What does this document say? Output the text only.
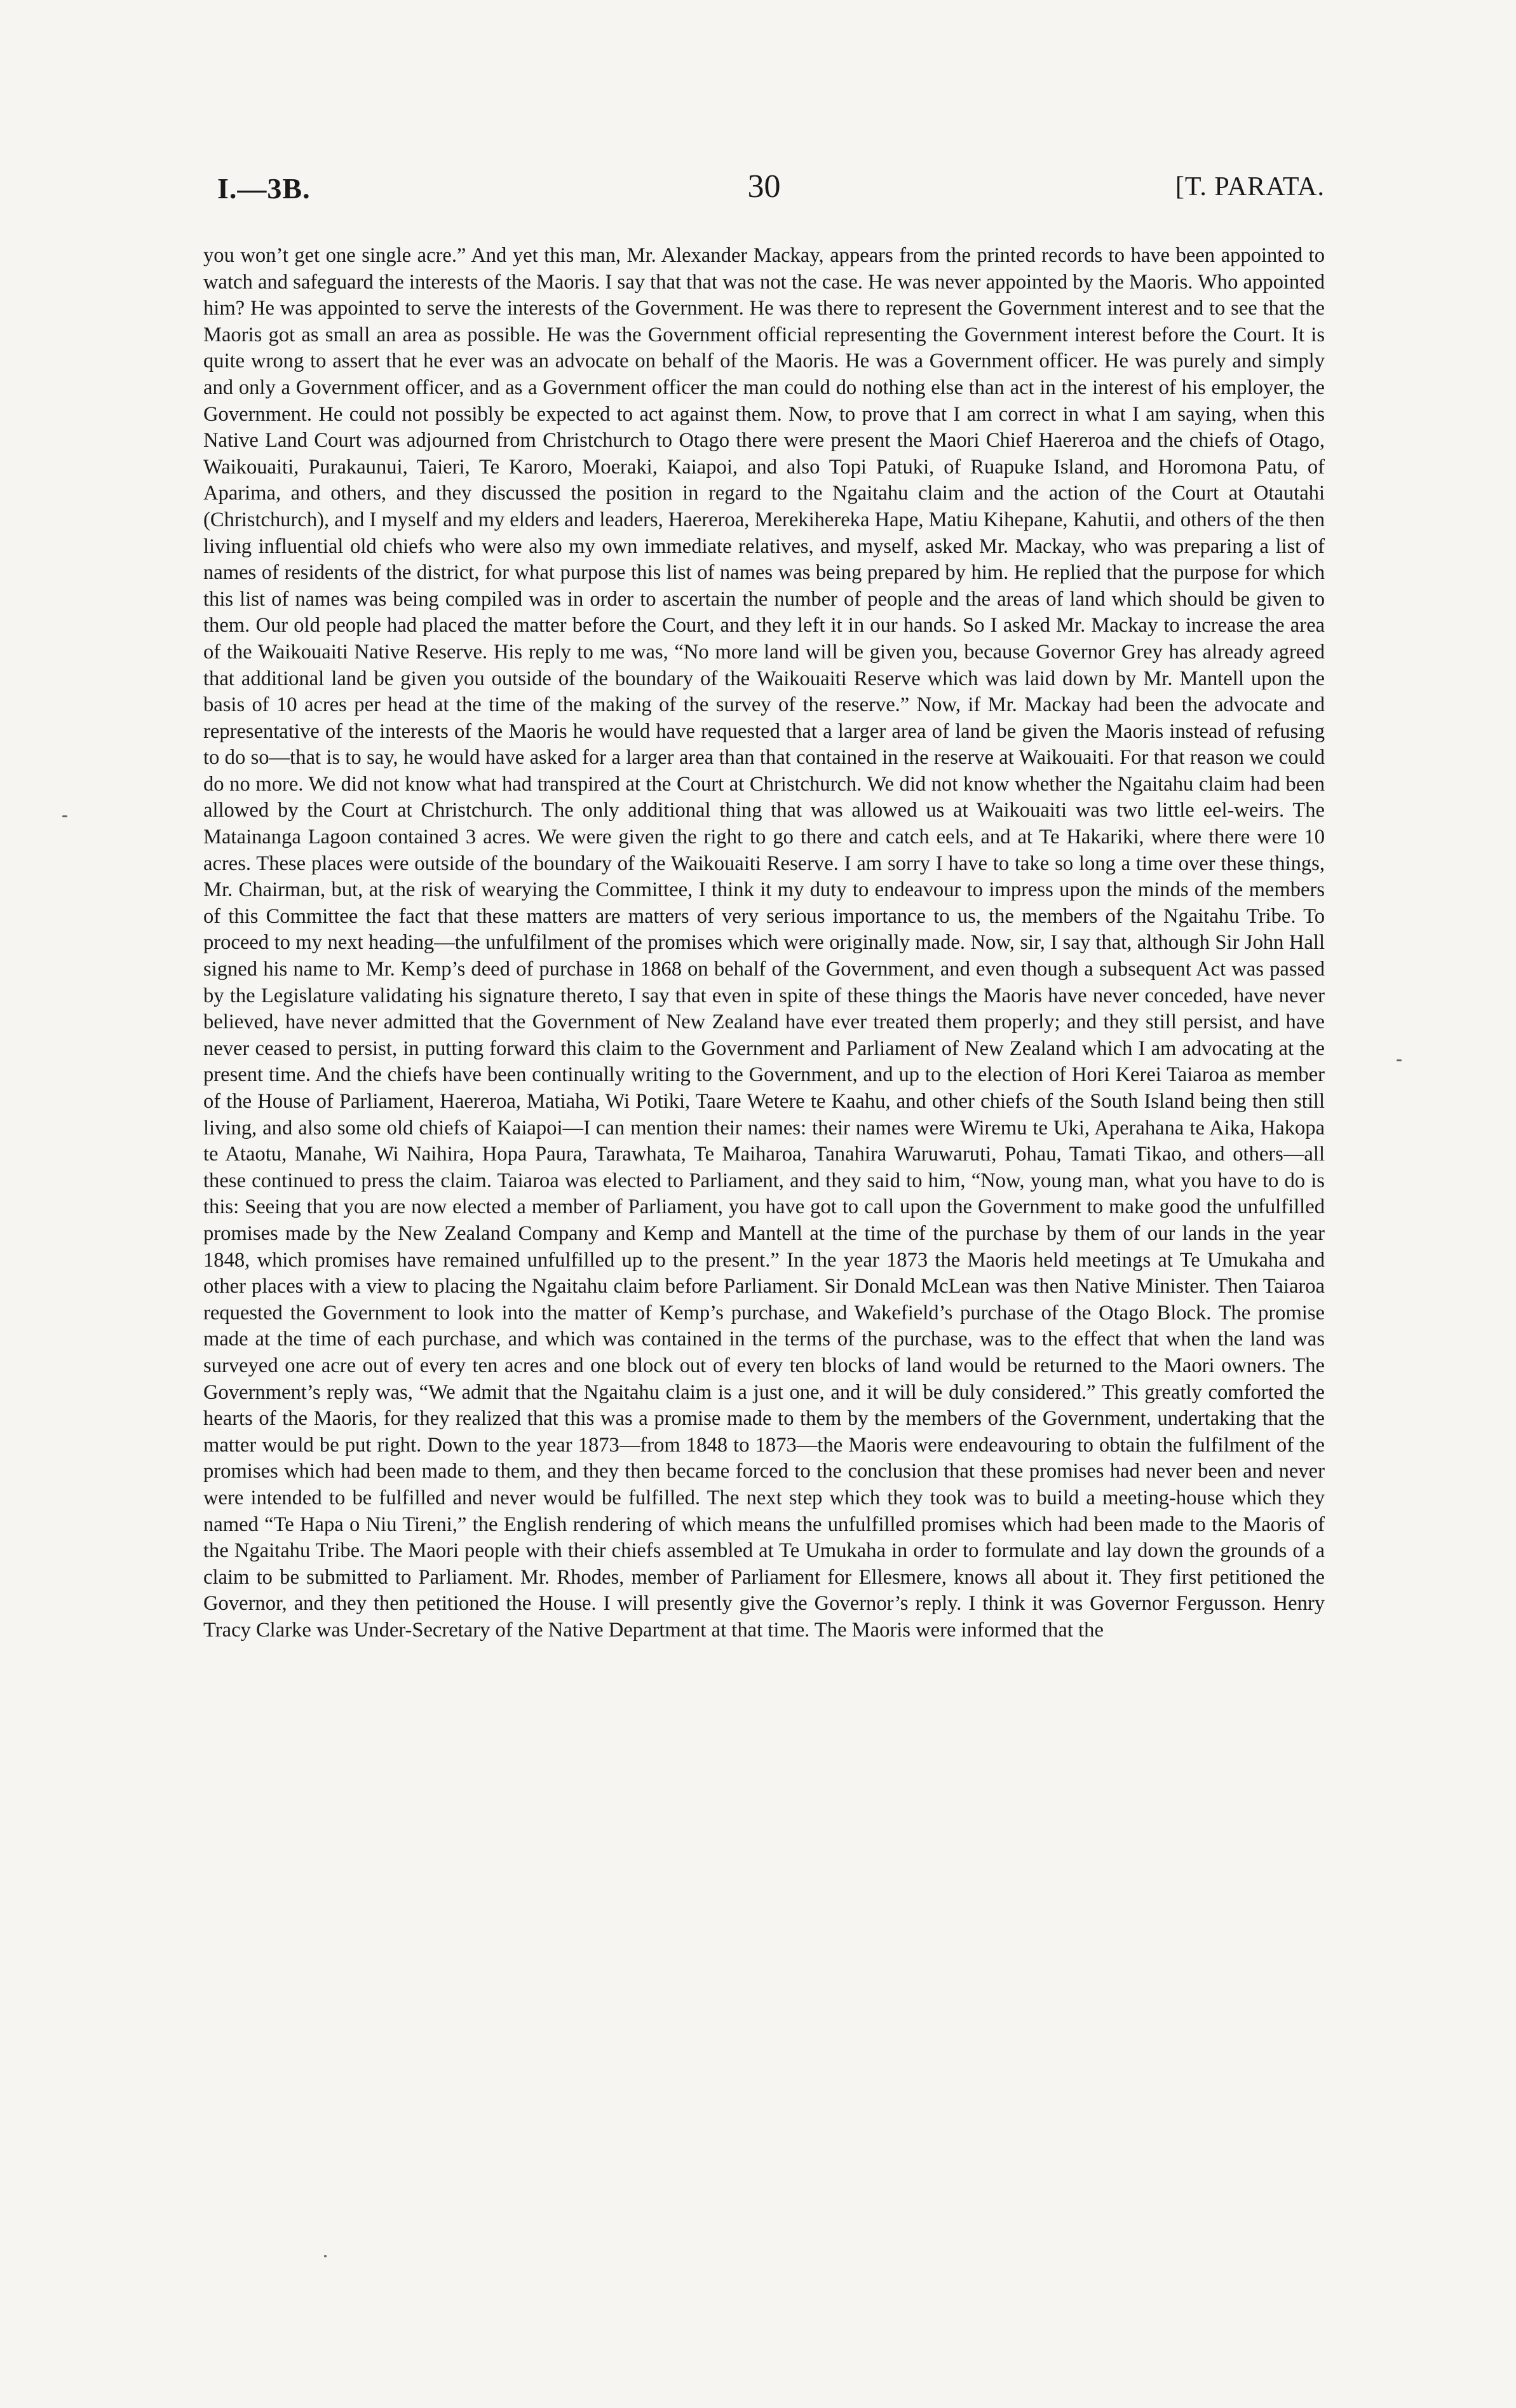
I.—3B.	30	[T. PARATA.

you won’t get one single acre.” And yet this man, Mr. Alexander Mackay, appears from the printed records to have been appointed to watch and safeguard the interests of the Maoris. I say that that was not the case. He was never appointed by the Maoris. Who appointed him? He was appointed to serve the interests of the Government. He was there to represent the Government interest and to see that the Maoris got as small an area as possible. He was the Government official representing the Government interest before the Court. It is quite wrong to assert that he ever was an advocate on behalf of the Maoris. He was a Government officer. He was purely and simply and only a Government officer, and as a Government officer the man could do nothing else than act in the interest of his employer, the Government. He could not possibly be expected to act against them. Now, to prove that I am correct in what I am saying, when this Native Land Court was adjourned from Christchurch to Otago there were present the Maori Chief Haereroa and the chiefs of Otago, Waikouaiti, Purakaunui, Taieri, Te Karoro, Moeraki, Kaiapoi, and also Topi Patuki, of Ruapuke Island, and Horomona Patu, of Aparima, and others, and they discussed the position in regard to the Ngaitahu claim and the action of the Court at Otautahi (Christchurch), and I myself and my elders and leaders, Haereroa, Merekihereka Hape, Matiu Kihepane, Kahutii, and others of the then living influential old chiefs who were also my own immediate relatives, and myself, asked Mr. Mackay, who was preparing a list of names of residents of the district, for what purpose this list of names was being prepared by him. He replied that the purpose for which this list of names was being compiled was in order to ascertain the number of people and the areas of land which should be given to them. Our old people had placed the matter before the Court, and they left it in our hands. So I asked Mr. Mackay to increase the area of the Waikouaiti Native Reserve. His reply to me was, “No more land will be given you, because Governor Grey has already agreed that additional land be given you outside of the boundary of the Waikouaiti Reserve which was laid down by Mr. Mantell upon the basis of 10 acres per head at the time of the making of the survey of the reserve.” Now, if Mr. Mackay had been the advocate and representative of the interests of the Maoris he would have requested that a larger area of land be given the Maoris instead of refusing to do so—that is to say, he would have asked for a larger area than that contained in the reserve at Waikouaiti. For that reason we could do no more. We did not know what had transpired at the Court at Christchurch. We did not know whether the Ngaitahu claim had been allowed by the Court at Christchurch. The only additional thing that was allowed us at Waikouaiti was two little eel-weirs. The Matainanga Lagoon contained 3 acres. We were given the right to go there and catch eels, and at Te Hakariki, where there were 10 acres. These places were outside of the boundary of the Waikouaiti Reserve. I am sorry I have to take so long a time over these things, Mr. Chairman, but, at the risk of wearying the Committee, I think it my duty to endeavour to impress upon the minds of the members of this Committee the fact that these matters are matters of very serious importance to us, the members of the Ngaitahu Tribe. To proceed to my next heading—the unfulfilment of the promises which were originally made. Now, sir, I say that, although Sir John Hall signed his name to Mr. Kemp’s deed of purchase in 1868 on behalf of the Government, and even though a subsequent Act was passed by the Legislature validating his signature thereto, I say that even in spite of these things the Maoris have never conceded, have never believed, have never admitted that the Government of New Zealand have ever treated them properly; and they still persist, and have never ceased to persist, in putting forward this claim to the Government and Parliament of New Zealand which I am advocating at the present time. And the chiefs have been continually writing to the Government, and up to the election of Hori Kerei Taiaroa as member of the House of Parliament, Haereroa, Matiaha, Wi Potiki, Taare Wetere te Kaahu, and other chiefs of the South Island being then still living, and also some old chiefs of Kaiapoi—I can mention their names: their names were Wiremu te Uki, Aperahana te Aika, Hakopa te Ataotu, Manahe, Wi Naihira, Hopa Paura, Tarawhata, Te Maiharoa, Tanahira Waruwaruti, Pohau, Tamati Tikao, and others—all these continued to press the claim. Taiaroa was elected to Parliament, and they said to him, “Now, young man, what you have to do is this: Seeing that you are now elected a member of Parliament, you have got to call upon the Government to make good the unfulfilled promises made by the New Zealand Company and Kemp and Mantell at the time of the purchase by them of our lands in the year 1848, which promises have remained unfulfilled up to the present.” In the year 1873 the Maoris held meetings at Te Umukaha and other places with a view to placing the Ngaitahu claim before Parliament. Sir Donald McLean was then Native Minister. Then Taiaroa requested the Government to look into the matter of Kemp’s purchase, and Wakefield’s purchase of the Otago Block. The promise made at the time of each purchase, and which was contained in the terms of the purchase, was to the effect that when the land was surveyed one acre out of every ten acres and one block out of every ten blocks of land would be returned to the Maori owners. The Government’s reply was, “We admit that the Ngaitahu claim is a just one, and it will be duly considered.” This greatly comforted the hearts of the Maoris, for they realized that this was a promise made to them by the members of the Government, undertaking that the matter would be put right. Down to the year 1873—from 1848 to 1873—the Maoris were endeavouring to obtain the fulfilment of the promises which had been made to them, and they then became forced to the conclusion that these promises had never been and never were intended to be fulfilled and never would be fulfilled. The next step which they took was to build a meeting-house which they named “Te Hapa o Niu Tireni,” the English rendering of which means the unfulfilled promises which had been made to the Maoris of the Ngaitahu Tribe. The Maori people with their chiefs assembled at Te Umukaha in order to formulate and lay down the grounds of a claim to be submitted to Parliament. Mr. Rhodes, member of Parliament for Ellesmere, knows all about it. They first petitioned the Governor, and they then petitioned the House. I will presently give the Governor’s reply. I think it was Governor Fergusson. Henry Tracy Clarke was Under-Secretary of the Native Department at that time. The Maoris were informed that the
